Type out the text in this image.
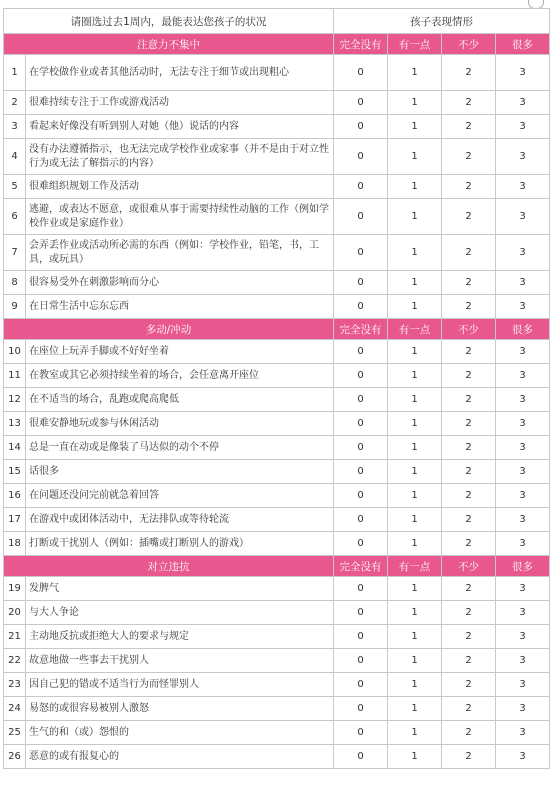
请圈选过去1周内，最能表达您孩子的状况		孩子表现情形			
注意力不集中		完全没有	有一点	不少	很多
1	在学校做作业或者其他活动时，无法专注于细节或出现粗心	0	1	2	3
2	很难持续专注于工作或游戏活动	0	1	2	3
3	看起来好像没有听到别人对她（他）说话的内容	0	1	2	3
4	没有办法遵循指示，也无法完成学校作业或家事（并不是由于对立性行为或无法了解指示的内容）	0	1	2	3
5	很难组织规划工作及活动	0	1	2	3
6	逃避，或表达不愿意，或很难从事于需要持续性动脑的工作（例如学校作业或是家庭作业）	0	1	2	3
7	会弄丢作业或活动所必需的东西（例如：学校作业，铅笔，书，工具，或玩具）	0	1	2	3
8	很容易受外在刺激影响而分心	0	1	2	3
9	在日常生活中忘东忘西	0	1	2	3
多动/冲动		完全没有	有一点	不少	很多
10	在座位上玩弄手脚或不好好坐着	0	1	2	3
11	在教室或其它必须持续坐着的场合，会任意离开座位	0	1	2	3
12	在不适当的场合，乱跑或爬高爬低	0	1	2	3
13	很难安静地玩或参与休闲活动	0	1	2	3
14	总是一直在动或是像装了马达似的动个不停	0	1	2	3
15	话很多	0	1	2	3
16	在问题还没问完前就急着回答	0	1	2	3
17	在游戏中或团体活动中，无法排队或等待轮流	0	1	2	3
18	打断或干扰别人（例如：插嘴或打断别人的游戏）	0	1	2	3
对立违抗		完全没有	有一点	不少	很多
19	发脾气	0	1	2	3
20	与大人争论	0	1	2	3
21	主动地反抗或拒绝大人的要求与规定	0	1	2	3
22	故意地做一些事去干扰别人	0	1	2	3
23	因自己犯的错或不适当行为而怪罪别人	0	1	2	3
24	易怒的或很容易被别人激怒	0	1	2	3
25	生气的和（或）怨恨的	0	1	2	3
26	恶意的或有报复心的	0	1	2	3
